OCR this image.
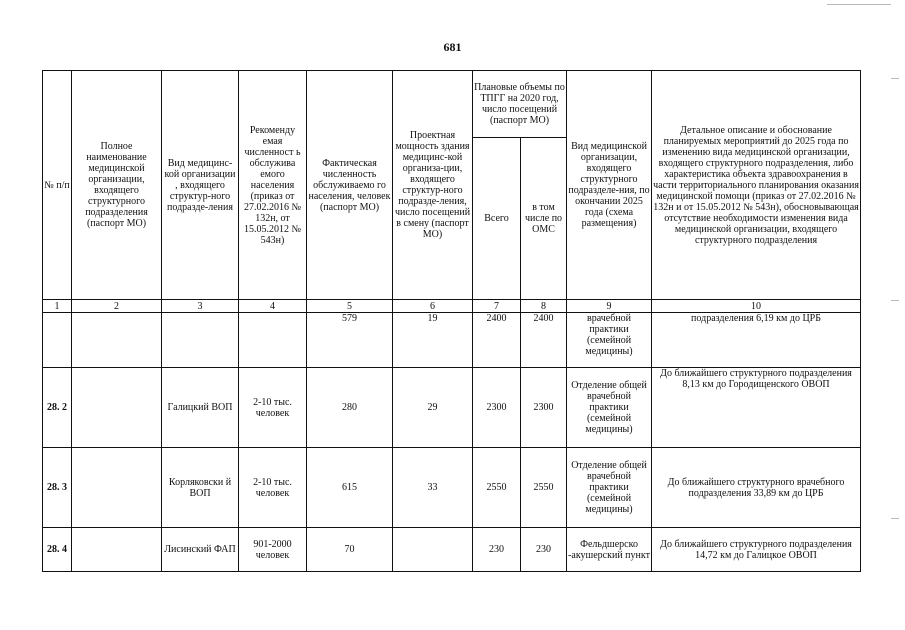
681
№ п/п	Полное наименование медицинской организации, входящего структурного подразделения (паспорт МО)	Вид медицинс-кой организации , входящего структур-ного подразде-ления	Рекоменду емая численност ь обслужива емого населения (приказ от 27.02.2016 № 132н, от 15.05.2012 № 543н)	Фактическая численность обслуживаемо го населения, человек (паспорт МО)	Проектная мощность здания медицинс-кой организа-ции, входящего структур-ного подразде-ления, число посещений в смену (паспорт МО)	Плановые объемы по ТПГГ на 2020 год, число посещений (паспорт МО)		Вид медицинской организации, входящего структурного подразделе-ния, по окончании 2025 года (схема размещения)	Детальное описание и обоснование планируемых мероприятий до 2025 года по изменению вида медицинской организации, входящего структурного подразделения, либо характеристика объекта здравоохранения в части территориального планирования оказания медицинской помощи (приказ от 27.02.2016 № 132н и от 15.05.2012 № 543н), обосновывающая отсутствие необходимости изменения вида медицинской организации, входящего структурного подразделения
						Всего	в том числе по ОМС		
1	2	3	4	5	6	7	8	9	10
				579	19	2400	2400	врачебной практики (семейной медицины)	подразделения 6,19 км до ЦРБ
28. 2		Галицкий ВОП	2-10 тыс. человек	280	29	2300	2300	Отделение общей врачебной практики (семейной медицины)	До ближайшего структурного подразделения 8,13 км до Городищенского ОВОП
28. 3		Корляковски й ВОП	2-10 тыс. человек	615	33	2550	2550	Отделение общей врачебной практики (семейной медицины)	До ближайшего структурного врачебного подразделения 33,89 км до ЦРБ
28. 4		Лисинский ФАП	901-2000 человек	70		230	230	Фельдшерско -акушерский пункт	До ближайшего структурного подразделения 14,72 км до Галицкое ОВОП
